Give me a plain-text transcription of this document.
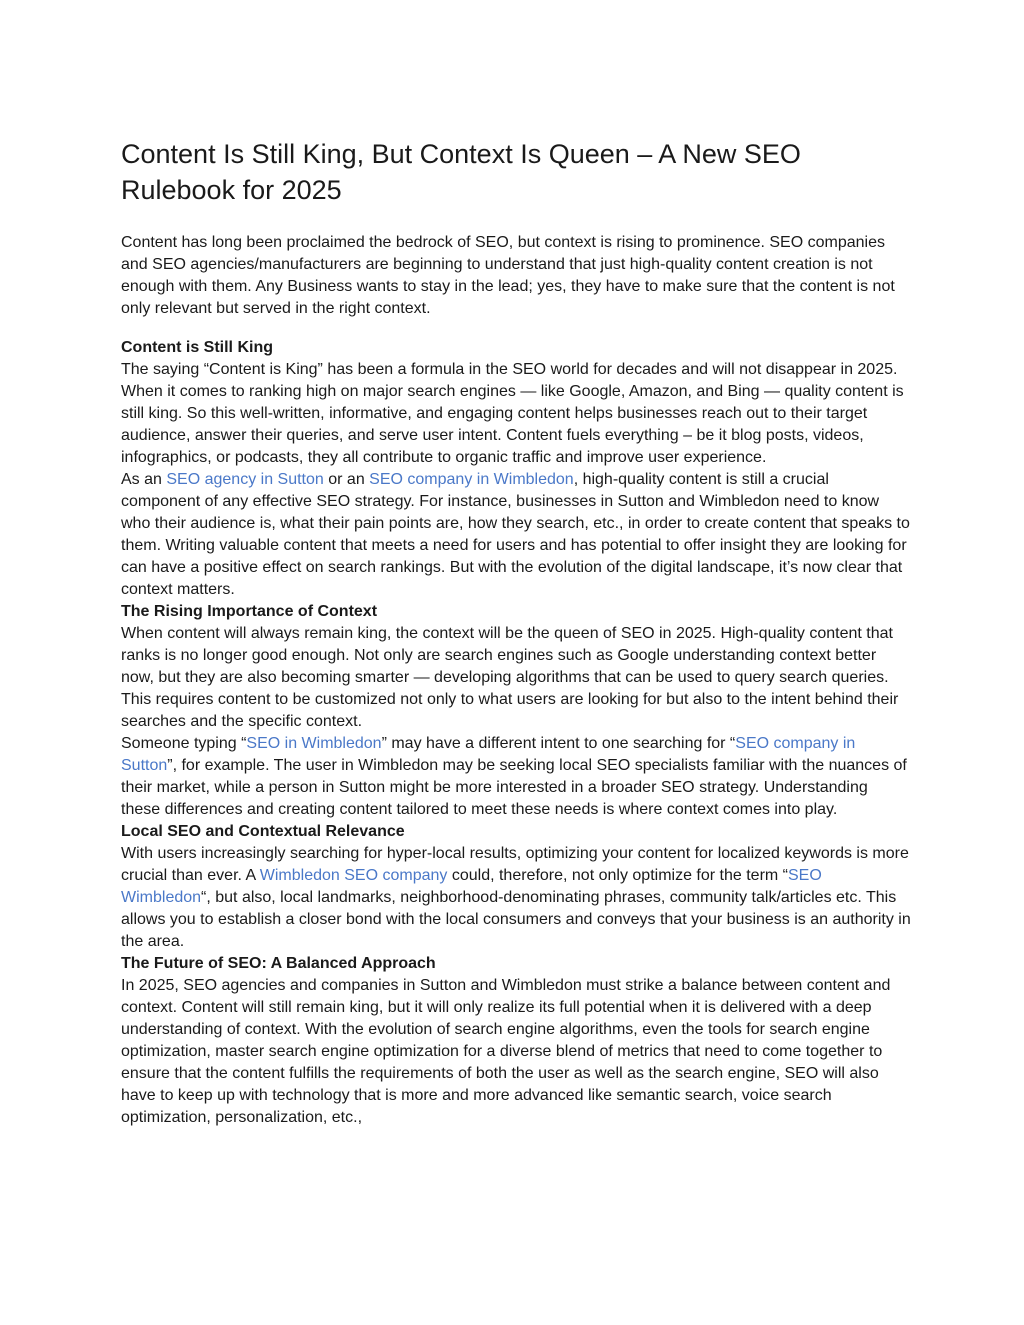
Content Is Still King, But Context Is Queen – A New SEO Rulebook for 2025

Content has long been proclaimed the bedrock of SEO, but context is rising to prominence. SEO companies and SEO agencies/manufacturers are beginning to understand that just high-quality content creation is not enough with them. Any Business wants to stay in the lead; yes, they have to make sure that the content is not only relevant but served in the right context.

Content is Still King

The saying “Content is King” has been a formula in the SEO world for decades and will not disappear in 2025. When it comes to ranking high on major search engines — like Google, Amazon, and Bing — quality content is still king. So this well-written, informative, and engaging content helps businesses reach out to their target audience, answer their queries, and serve user intent. Content fuels everything – be it blog posts, videos, infographics, or podcasts, they all contribute to organic traffic and improve user experience.

As an SEO agency in Sutton or an SEO company in Wimbledon, high-quality content is still a crucial component of any effective SEO strategy. For instance, businesses in Sutton and Wimbledon need to know who their audience is, what their pain points are, how they search, etc., in order to create content that speaks to them. Writing valuable content that meets a need for users and has potential to offer insight they are looking for can have a positive effect on search rankings. But with the evolution of the digital landscape, it’s now clear that context matters.

The Rising Importance of Context

When content will always remain king, the context will be the queen of SEO in 2025. High-quality content that ranks is no longer good enough. Not only are search engines such as Google understanding context better now, but they are also becoming smarter — developing algorithms that can be used to query search queries. This requires content to be customized not only to what users are looking for but also to the intent behind their searches and the specific context.

Someone typing “SEO in Wimbledon” may have a different intent to one searching for “SEO company in Sutton”, for example. The user in Wimbledon may be seeking local SEO specialists familiar with the nuances of their market, while a person in Sutton might be more interested in a broader SEO strategy. Understanding these differences and creating content tailored to meet these needs is where context comes into play.

Local SEO and Contextual Relevance

With users increasingly searching for hyper-local results, optimizing your content for localized keywords is more crucial than ever. A Wimbledon SEO company could, therefore, not only optimize for the term “SEO Wimbledon“, but also, local landmarks, neighborhood-denominating phrases, community talk/articles etc. This allows you to establish a closer bond with the local consumers and conveys that your business is an authority in the area.

The Future of SEO: A Balanced Approach

In 2025, SEO agencies and companies in Sutton and Wimbledon must strike a balance between content and context. Content will still remain king, but it will only realize its full potential when it is delivered with a deep understanding of context. With the evolution of search engine algorithms, even the tools for search engine optimization, master search engine optimization for a diverse blend of metrics that need to come together to ensure that the content fulfills the requirements of both the user as well as the search engine, SEO will also have to keep up with technology that is more and more advanced like semantic search, voice search optimization, personalization, etc.,
